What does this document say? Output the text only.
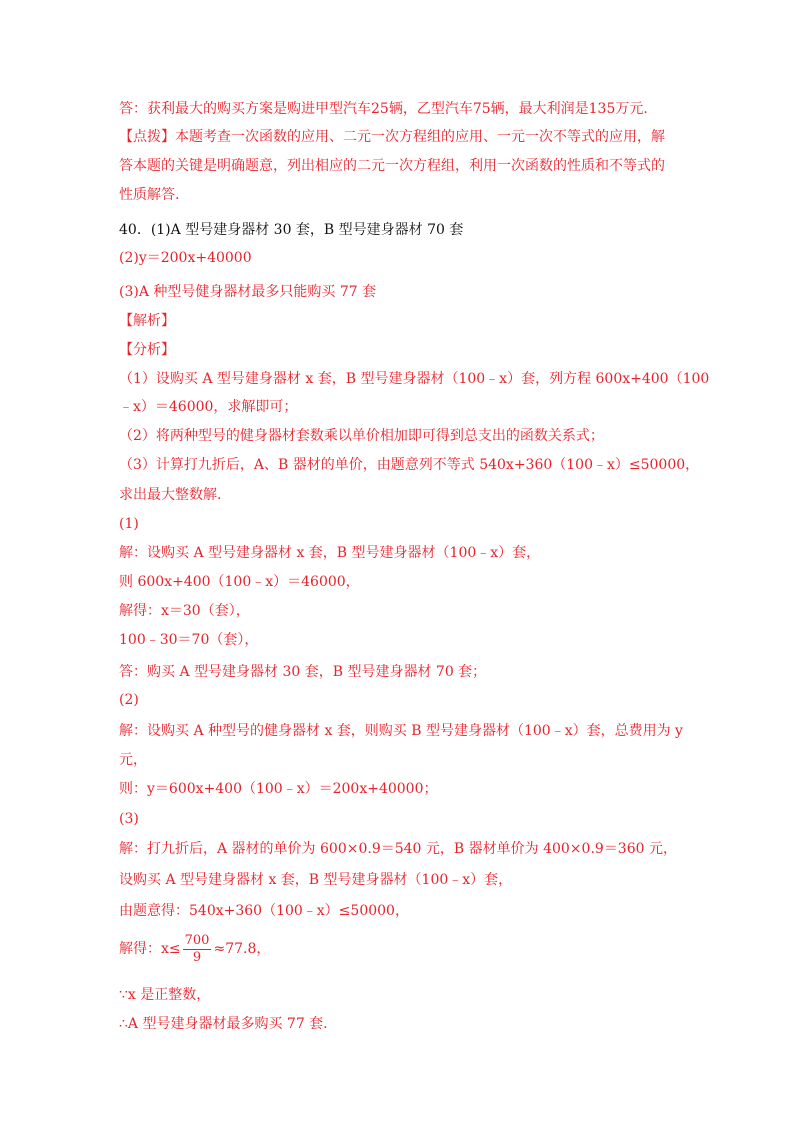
答：获利最大的购买方案是购进甲型汽车25辆，乙型汽车75辆，最大利润是135万元.
【点拨】本题考查一次函数的应用、二元一次方程组的应用、一元一次不等式的应用，解
答本题的关键是明确题意，列出相应的二元一次方程组，利用一次函数的性质和不等式的
性质解答.
40．(1)A 型号建身器材 30 套，B 型号建身器材 70 套
(2)y＝200x+40000
(3)A 种型号健身器材最多只能购买 77 套
【解析】
【分析】
（1）设购买 A 型号建身器材 x 套，B 型号建身器材（100﹣x）套，列方程 600x+400（100
﹣x）＝46000，求解即可；
（2）将两种型号的健身器材套数乘以单价相加即可得到总支出的函数关系式；
（3）计算打九折后，A、B 器材的单价，由题意列不等式 540x+360（100﹣x）≤50000，
求出最大整数解.
(1)
解：设购买 A 型号建身器材 x 套，B 型号建身器材（100﹣x）套，
则 600x+400（100﹣x）＝46000，
解得：x＝30（套），
100﹣30＝70（套），
答：购买 A 型号建身器材 30 套，B 型号建身器材 70 套；
(2)
解：设购买 A 种型号的健身器材 x 套，则购买 B 型号建身器材（100﹣x）套，总费用为 y
元，
则：y＝600x+400（100﹣x）＝200x+40000；
(3)
解：打九折后，A 器材的单价为 600×0.9＝540 元，B 器材单价为 400×0.9＝360 元，
设购买 A 型号建身器材 x 套，B 型号建身器材（100﹣x）套，
由题意得：540x+360（100﹣x）≤50000，
解得：$x\le \frac{700}{9} \approx 77.8$，
∵x 是正整数，
∴A 型号建身器材最多购买 77 套.
